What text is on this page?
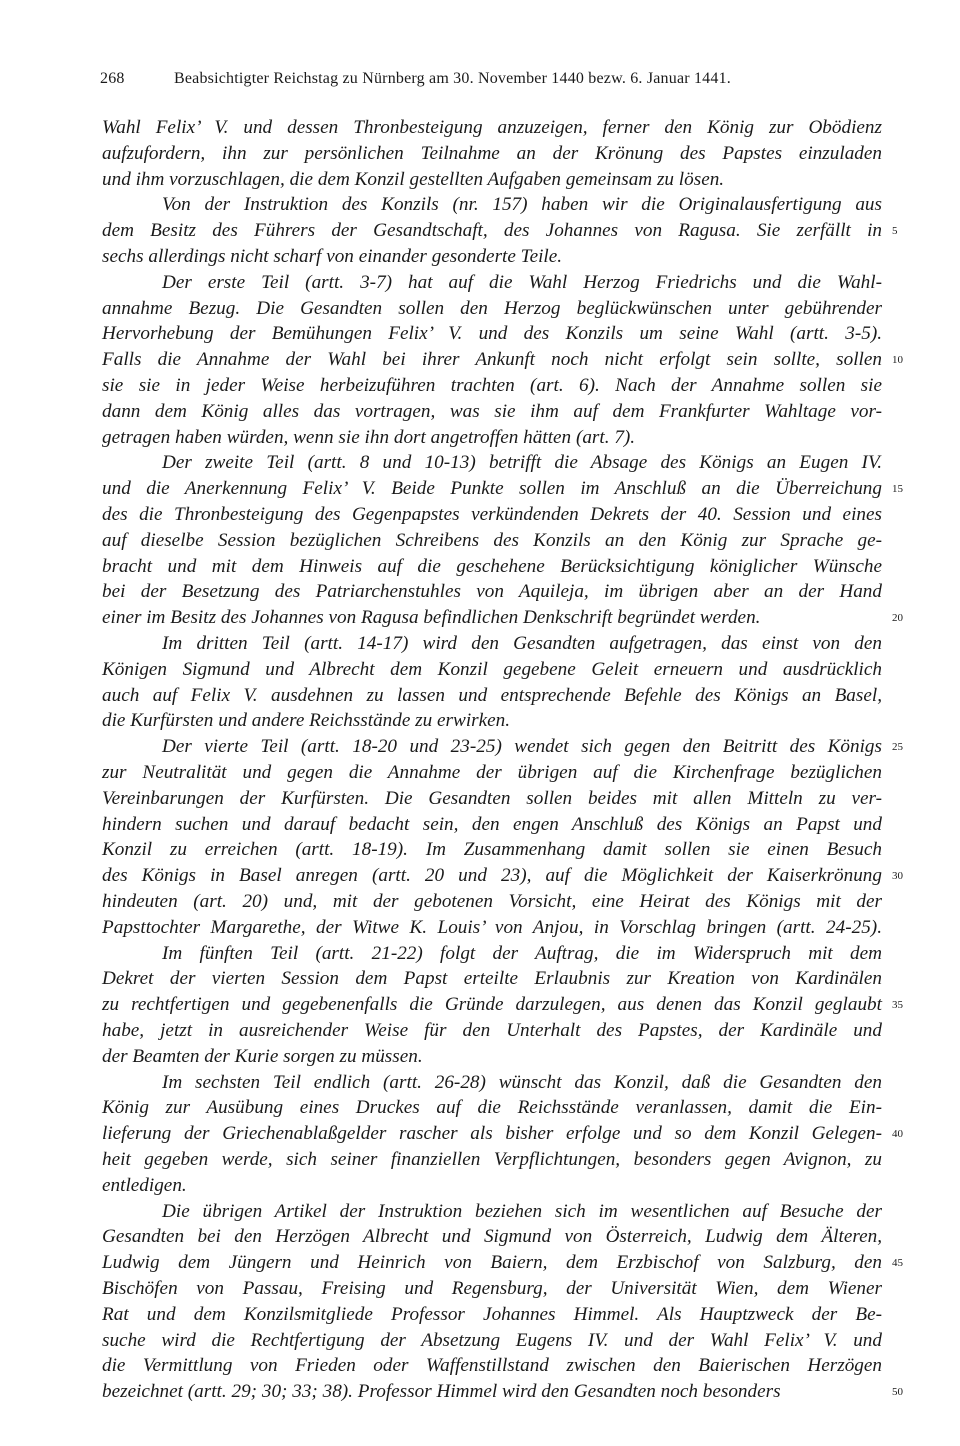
268	Beabsichtigter Reichstag zu Nürnberg am 30. November 1440 bezw. 6. Januar 1441.
Wahl Felix’ V. und dessen Thronbesteigung anzuzeigen, ferner den König zur Obödienz
aufzufordern, ihn zur persönlichen Teilnahme an der Krönung des Papstes einzuladen
und ihm vorzuschlagen, die dem Konzil gestellten Aufgaben gemeinsam zu lösen.
Von der Instruktion des Konzils (nr. 157) haben wir die Originalausfertigung aus
dem Besitz des Führers der Gesandtschaft, des Johannes von Ragusa. Sie zerfällt in
sechs allerdings nicht scharf von einander gesonderte Teile.
Der erste Teil (artt. 3-7) hat auf die Wahl Herzog Friedrichs und die Wahl-
annahme Bezug. Die Gesandten sollen den Herzog beglückwünschen unter gebührender
Hervorhebung der Bemühungen Felix’ V. und des Konzils um seine Wahl (artt. 3-5).
Falls die Annahme der Wahl bei ihrer Ankunft noch nicht erfolgt sein sollte, sollen
sie sie in jeder Weise herbeizuführen trachten (art. 6). Nach der Annahme sollen sie
dann dem König alles das vortragen, was sie ihm auf dem Frankfurter Wahltage vor-
getragen haben würden, wenn sie ihn dort angetroffen hätten (art. 7).
Der zweite Teil (artt. 8 und 10-13) betrifft die Absage des Königs an Eugen IV.
und die Anerkennung Felix’ V. Beide Punkte sollen im Anschluß an die Überreichung
des die Thronbesteigung des Gegenpapstes verkündenden Dekrets der 40. Session und eines
auf dieselbe Session bezüglichen Schreibens des Konzils an den König zur Sprache ge-
bracht und mit dem Hinweis auf die geschehene Berücksichtigung königlicher Wünsche
bei der Besetzung des Patriarchenstuhles von Aquileja, im übrigen aber an der Hand
einer im Besitz des Johannes von Ragusa befindlichen Denkschrift begründet werden.
Im dritten Teil (artt. 14-17) wird den Gesandten aufgetragen, das einst von den
Königen Sigmund und Albrecht dem Konzil gegebene Geleit erneuern und ausdrücklich
auch auf Felix V. ausdehnen zu lassen und entsprechende Befehle des Königs an Basel,
die Kurfürsten und andere Reichsstände zu erwirken.
Der vierte Teil (artt. 18-20 und 23-25) wendet sich gegen den Beitritt des Königs
zur Neutralität und gegen die Annahme der übrigen auf die Kirchenfrage bezüglichen
Vereinbarungen der Kurfürsten. Die Gesandten sollen beides mit allen Mitteln zu ver-
hindern suchen und darauf bedacht sein, den engen Anschluß des Königs an Papst und
Konzil zu erreichen (artt. 18-19). Im Zusammenhang damit sollen sie einen Besuch
des Königs in Basel anregen (artt. 20 und 23), auf die Möglichkeit der Kaiserkrönung
hindeuten (art. 20) und, mit der gebotenen Vorsicht, eine Heirat des Königs mit der
Papsttochter Margarethe, der Witwe K. Louis’ von Anjou, in Vorschlag bringen (artt. 24-25).
Im fünften Teil (artt. 21-22) folgt der Auftrag, die im Widerspruch mit dem
Dekret der vierten Session dem Papst erteilte Erlaubnis zur Kreation von Kardinälen
zu rechtfertigen und gegebenenfalls die Gründe darzulegen, aus denen das Konzil geglaubt
habe, jetzt in ausreichender Weise für den Unterhalt des Papstes, der Kardinäle und
der Beamten der Kurie sorgen zu müssen.
Im sechsten Teil endlich (artt. 26-28) wünscht das Konzil, daß die Gesandten den
König zur Ausübung eines Druckes auf die Reichsstände veranlassen, damit die Ein-
lieferung der Griechenablaßgelder rascher als bisher erfolge und so dem Konzil Gelegen-
heit gegeben werde, sich seiner finanziellen Verpflichtungen, besonders gegen Avignon, zu
entledigen.
Die übrigen Artikel der Instruktion beziehen sich im wesentlichen auf Besuche der
Gesandten bei den Herzögen Albrecht und Sigmund von Österreich, Ludwig dem Älteren,
Ludwig dem Jüngern und Heinrich von Baiern, dem Erzbischof von Salzburg, den
Bischöfen von Passau, Freising und Regensburg, der Universität Wien, dem Wiener
Rat und dem Konzilsmitgliede Professor Johannes Himmel. Als Hauptzweck der Be-
suche wird die Rechtfertigung der Absetzung Eugens IV. und der Wahl Felix’ V. und
die Vermittlung von Frieden oder Waffenstillstand zwischen den Baierischen Herzögen
bezeichnet (artt. 29; 30; 33; 38). Professor Himmel wird den Gesandten noch besonders
5
10
15
20
25
30
35
40
45
50
